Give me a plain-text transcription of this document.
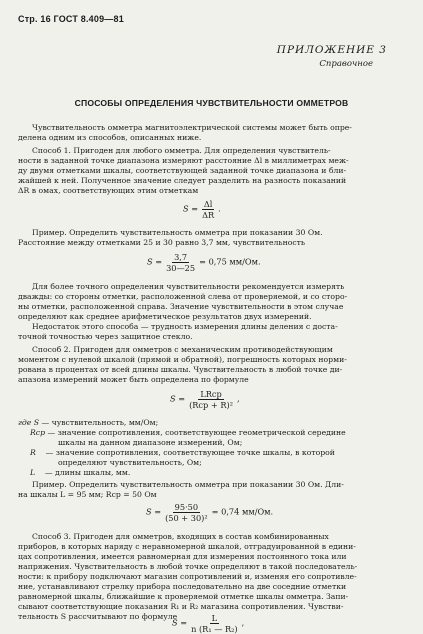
Стр. 16 ГОСТ 8.409—81
ПРИЛОЖЕНИЕ 3
Справочное
СПОСОБЫ ОПРЕДЕЛЕНИЯ ЧУВСТВИТЕЛЬНОСТИ ОММЕТРОВ
Чувствительность омметра магнитоэлектрической системы может быть опре-
делена одним из способов, описанных ниже.
Способ 1. Пригоден для любого омметра. Для определения чувствитель-
ности в заданной точке диапазона измеряют расстояние Δl в миллиметрах меж-
ду двумя отметками шкалы, соответствующей заданной точке диапазона и бли-
жайшей к ней. Полученное значение следует разделить на разность показаний
ΔR в омах, соответствующих этим отметкам
$S = \frac{\Delta l}{\Delta R}$ .
Пример. Определить чувствительность омметра при показании 30 Ом.
Расстояние между отметками 25 и 30 равно 3,7 мм, чувствительность
$S = \frac{3,7}{30—25} = 0,75$ мм/Ом.
Для более точного определения чувствительности рекомендуется измерять
дважды: со стороны отметки, расположенной слева от проверяемой, и со сторо-
ны отметки, расположенной справа. Значение чувствительности в этом случае
определяют как среднее арифметическое результатов двух измерений.
Недостаток этого способа — трудность измерения длины деления с доста-
точной точностью через защитное стекло.
Способ 2. Пригоден для омметров с механическим противодействующим
моментом с нулевой шкалой (прямой и обратной), погрешность которых норми-
рована в процентах от всей длины шкалы. Чувствительность в любой точке ди-
апазона измерений может быть определена по формуле
$S = \frac{\text{LRср}}{\text{(Rср + R)²}}$ ,
где S — чувствительность, мм/Ом;
Rср — значение сопротивления, соответствующее геометрической середине
шкалы на данном диапазоне измерений, Ом;
R — значение сопротивления, соответствующее точке шкалы, в которой
определяют чувствительность, Ом;
L — длины шкалы, мм.
Пример. Определить чувствительность омметра при показании 30 Ом. Дли-
на шкалы L = 95 мм; Rср = 50 Ом
$S = \frac{95\cdot 50}{\text{(50 + 30)²}} = 0,74$ мм/Ом.
Способ 3. Пригоден для омметров, входящих в состав комбинированных
приборов, в которых наряду с неравномерной шкалой, отградуированной в едини-
цах сопротивления, имеется равномерная для измерения постоянного тока или
напряжения. Чувствительность в любой точке определяют в такой последователь-
ности: к прибору подключают магазин сопротивлений и, изменяя его сопротивле-
ние, устанавливают стрелку прибора последовательно на две соседние отметки
равномерной шкалы, ближайшие к проверяемой отметке шкалы омметра. Запи-
сывают соответствующие показания R₁ и R₂ магазина сопротивления. Чувстви-
тельность S рассчитывают по формуле
$S = \frac{L}{\text{n (R₁ — R₂)}}$ ,
